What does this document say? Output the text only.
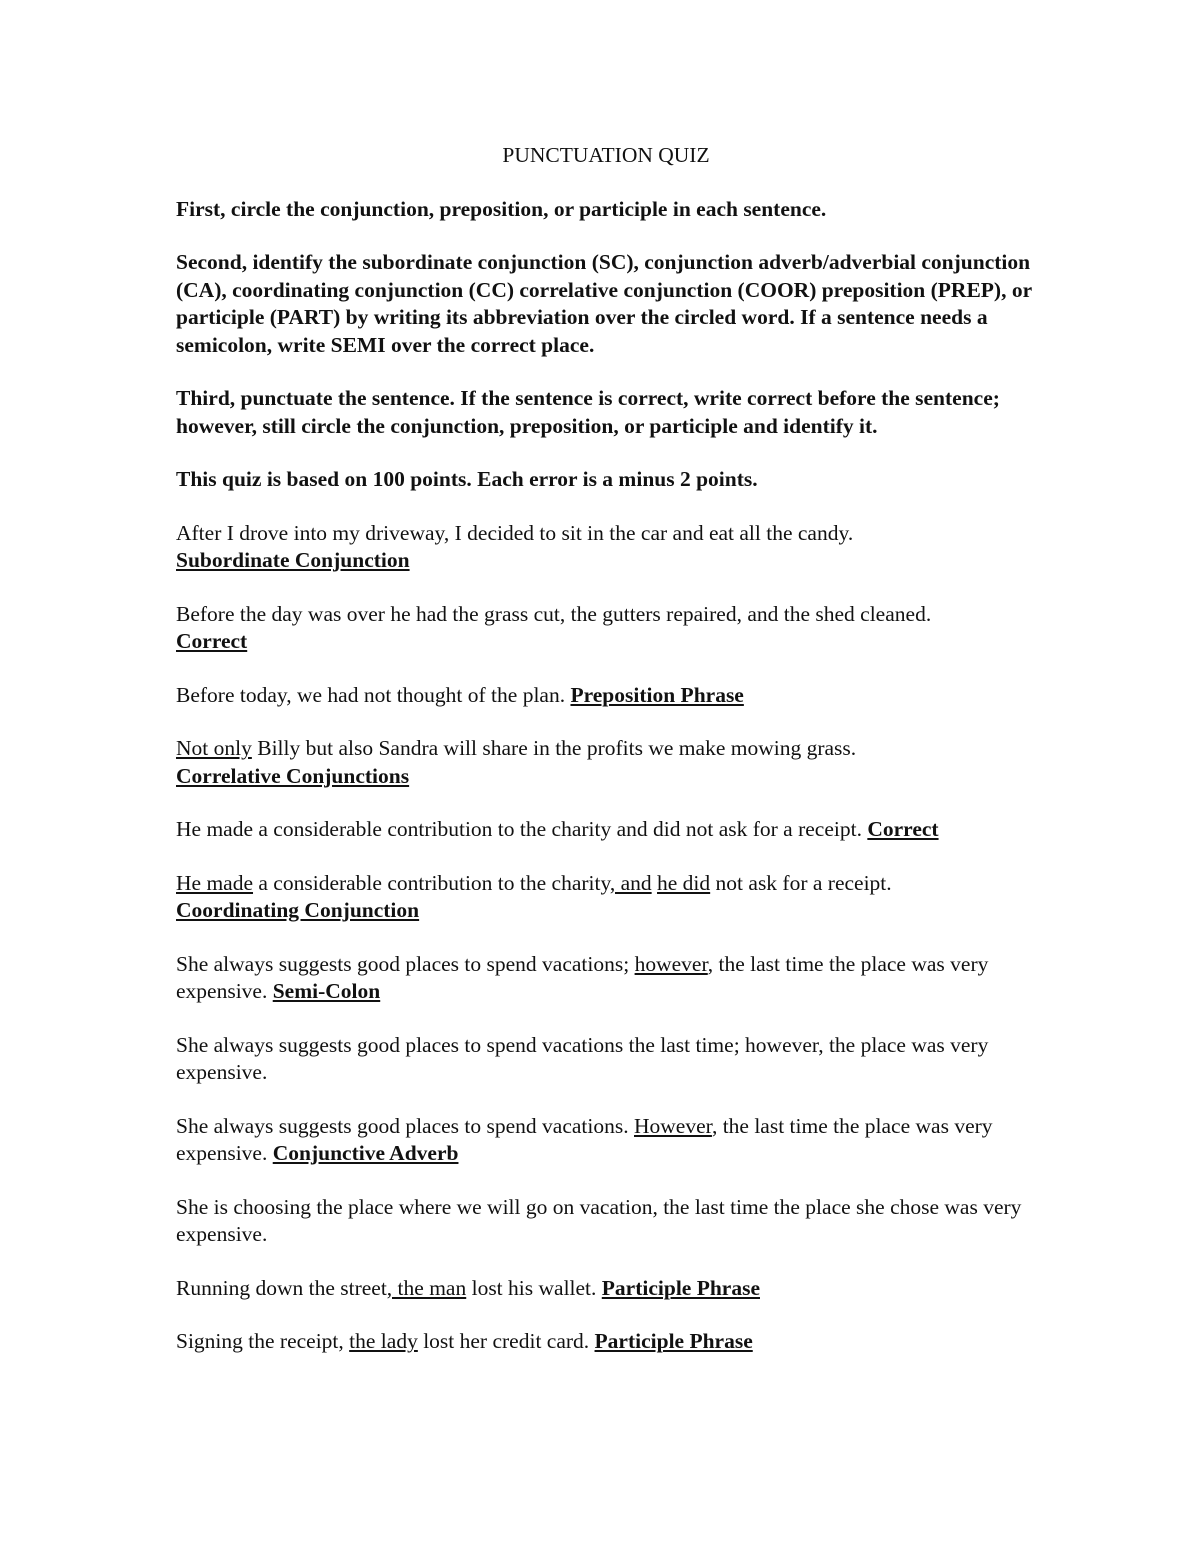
PUNCTUATION QUIZ

First, circle the conjunction, preposition, or participle in each sentence.

Second, identify the subordinate conjunction (SC), conjunction adverb/adverbial conjunction (CA), coordinating conjunction (CC) correlative conjunction (COOR) preposition (PREP), or participle (PART) by writing its abbreviation over the circled word. If a sentence needs a semicolon, write SEMI over the correct place.

Third, punctuate the sentence. If the sentence is correct, write correct before the sentence; however, still circle the conjunction, preposition, or participle and identify it.

This quiz is based on 100 points. Each error is a minus 2 points.

After I drove into my driveway, I decided to sit in the car and eat all the candy.
Subordinate Conjunction

Before the day was over he had the grass cut, the gutters repaired, and the shed cleaned.
Correct

Before today, we had not thought of the plan. Preposition Phrase

Not only Billy but also Sandra will share in the profits we make mowing grass.
Correlative Conjunctions

He made a considerable contribution to the charity and did not ask for a receipt. Correct

He made a considerable contribution to the charity, and he did not ask for a receipt.
Coordinating Conjunction

She always suggests good places to spend vacations; however, the last time the place was very expensive. Semi-Colon

She always suggests good places to spend vacations the last time; however, the place was very expensive.

She always suggests good places to spend vacations. However, the last time the place was very expensive. Conjunctive Adverb

She is choosing the place where we will go on vacation, the last time the place she chose was very expensive.

Running down the street, the man lost his wallet. Participle Phrase

Signing the receipt, the lady lost her credit card. Participle Phrase
